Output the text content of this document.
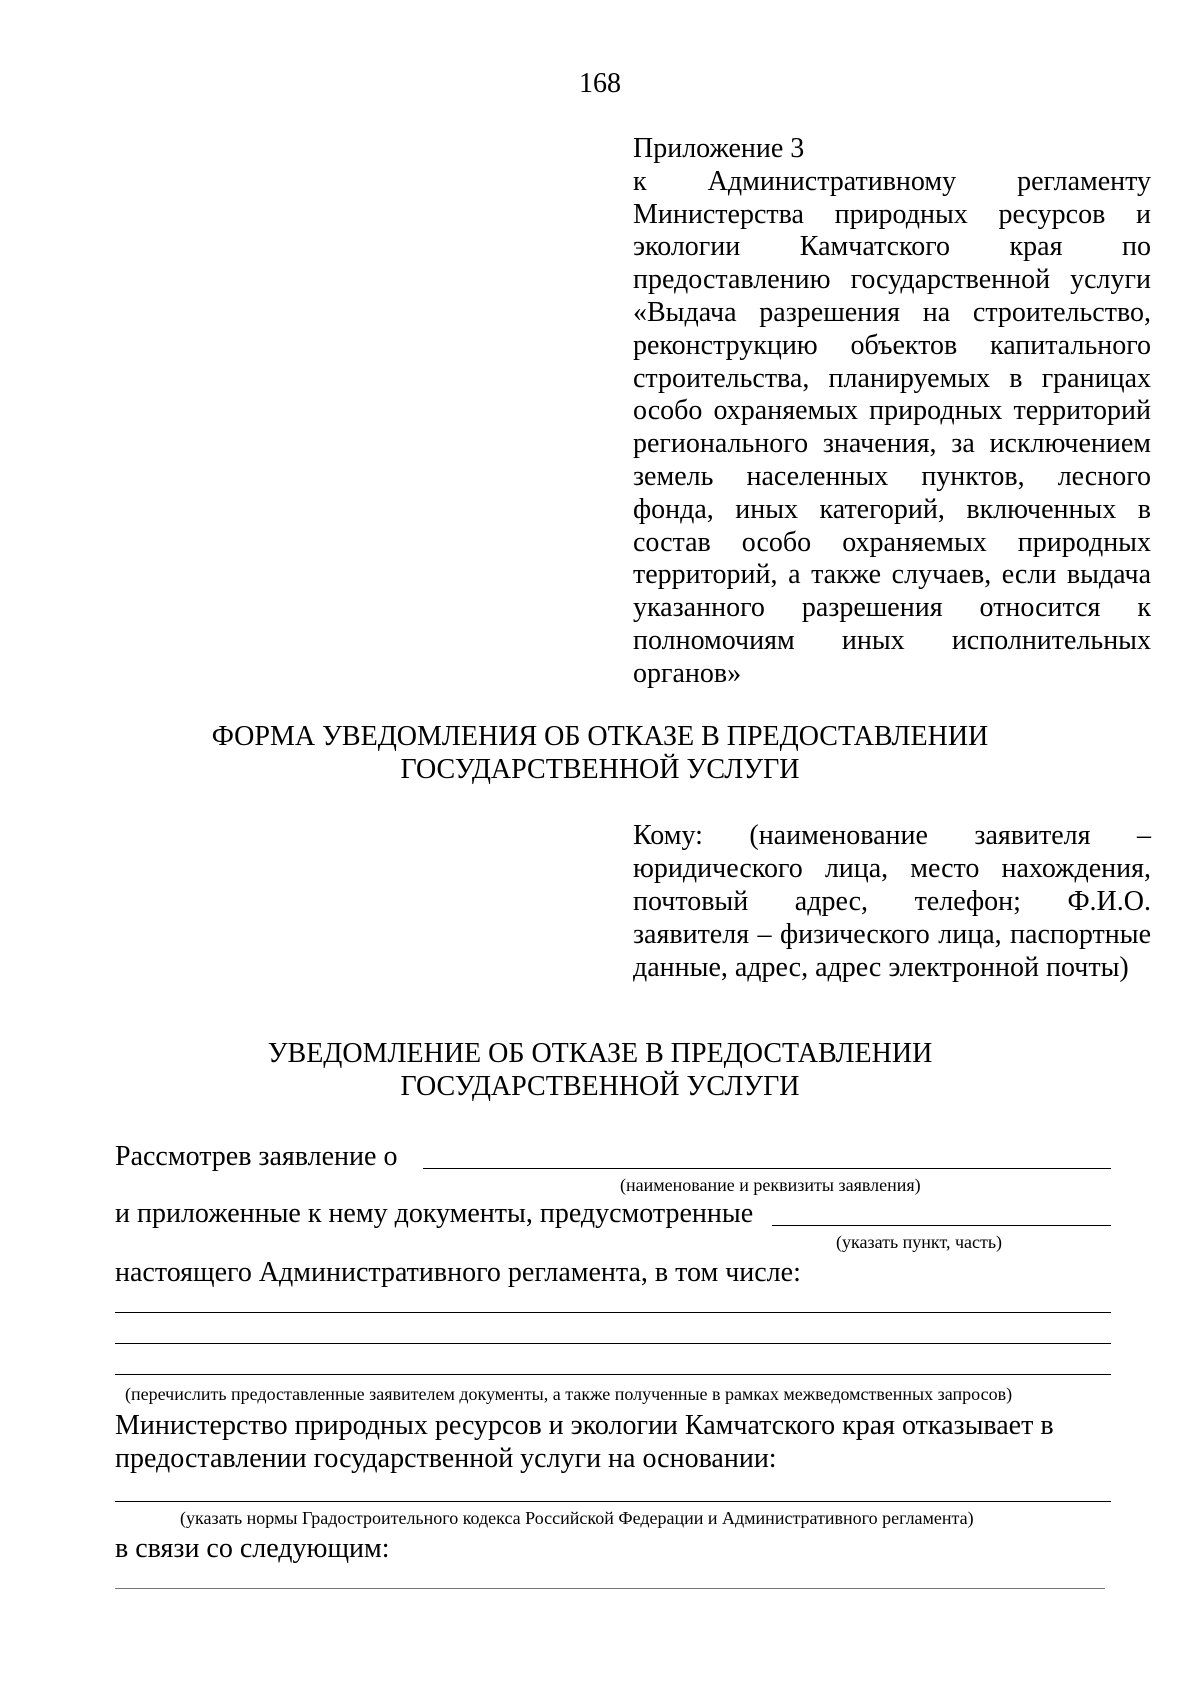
168
Приложение 3
к Административному регламенту Министерства природных ресурсов и экологии Камчатского края по предоставлению государственной услуги «Выдача разрешения на строительство, реконструкцию объектов капитального строительства, планируемых в границах особо охраняемых природных территорий регионального значения, за исключением земель населенных пунктов, лесного фонда, иных категорий, включенных в состав особо охраняемых природных территорий, а также случаев, если выдача указанного разрешения относится к полномочиям иных исполнительных органов»
ФОРМА УВЕДОМЛЕНИЯ ОБ ОТКАЗЕ В ПРЕДОСТАВЛЕНИИ
ГОСУДАРСТВЕННОЙ УСЛУГИ
Кому: (наименование заявителя – юридического лица, место нахождения, почтовый адрес, телефон; Ф.И.О. заявителя – физического лица, паспортные данные, адрес, адрес электронной почты)
УВЕДОМЛЕНИЕ ОБ ОТКАЗЕ В ПРЕДОСТАВЛЕНИИ
ГОСУДАРСТВЕННОЙ УСЛУГИ
Рассмотрев заявление о
(наименование и реквизиты заявления)
и приложенные к нему документы, предусмотренные
(указать пункт, часть)
настоящего Административного регламента, в том числе:
(перечислить предоставленные заявителем документы, а также полученные в рамках межведомственных запросов)
Министерство природных ресурсов и экологии Камчатского края отказывает в
предоставлении государственной услуги на основании:
(указать нормы Градостроительного кодекса Российской Федерации и Административного регламента)
в связи со следующим:
